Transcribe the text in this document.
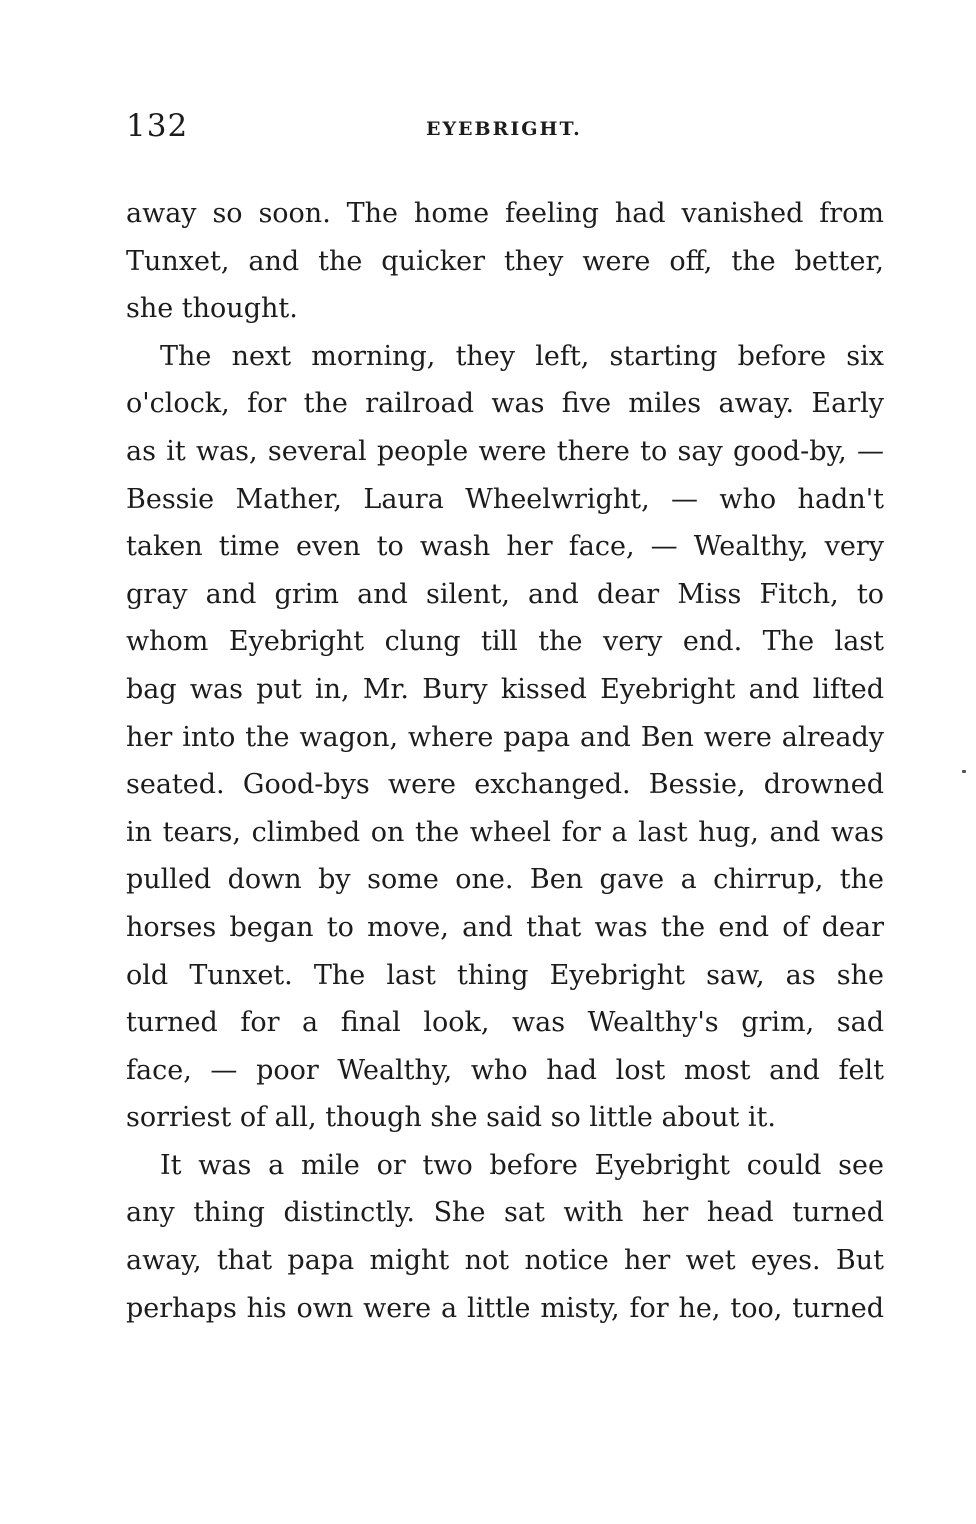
132	EYEBRIGHT.
away so soon. The home feeling had vanished from
Tunxet, and the quicker they were off, the better,
she thought.
The next morning, they left, starting before six
o'clock, for the railroad was five miles away. Early
as it was, several people were there to say good-by, —
Bessie Mather, Laura Wheelwright, — who hadn't
taken time even to wash her face, — Wealthy, very
gray and grim and silent, and dear Miss Fitch, to
whom Eyebright clung till the very end. The last
bag was put in, Mr. Bury kissed Eyebright and lifted
her into the wagon, where papa and Ben were already
seated. Good-bys were exchanged. Bessie, drowned
in tears, climbed on the wheel for a last hug, and was
pulled down by some one. Ben gave a chirrup, the
horses began to move, and that was the end of dear
old Tunxet. The last thing Eyebright saw, as she
turned for a final look, was Wealthy's grim, sad
face, — poor Wealthy, who had lost most and felt
sorriest of all, though she said so little about it.
It was a mile or two before Eyebright could see
any thing distinctly. She sat with her head turned
away, that papa might not notice her wet eyes. But
perhaps his own were a little misty, for he, too, turned
